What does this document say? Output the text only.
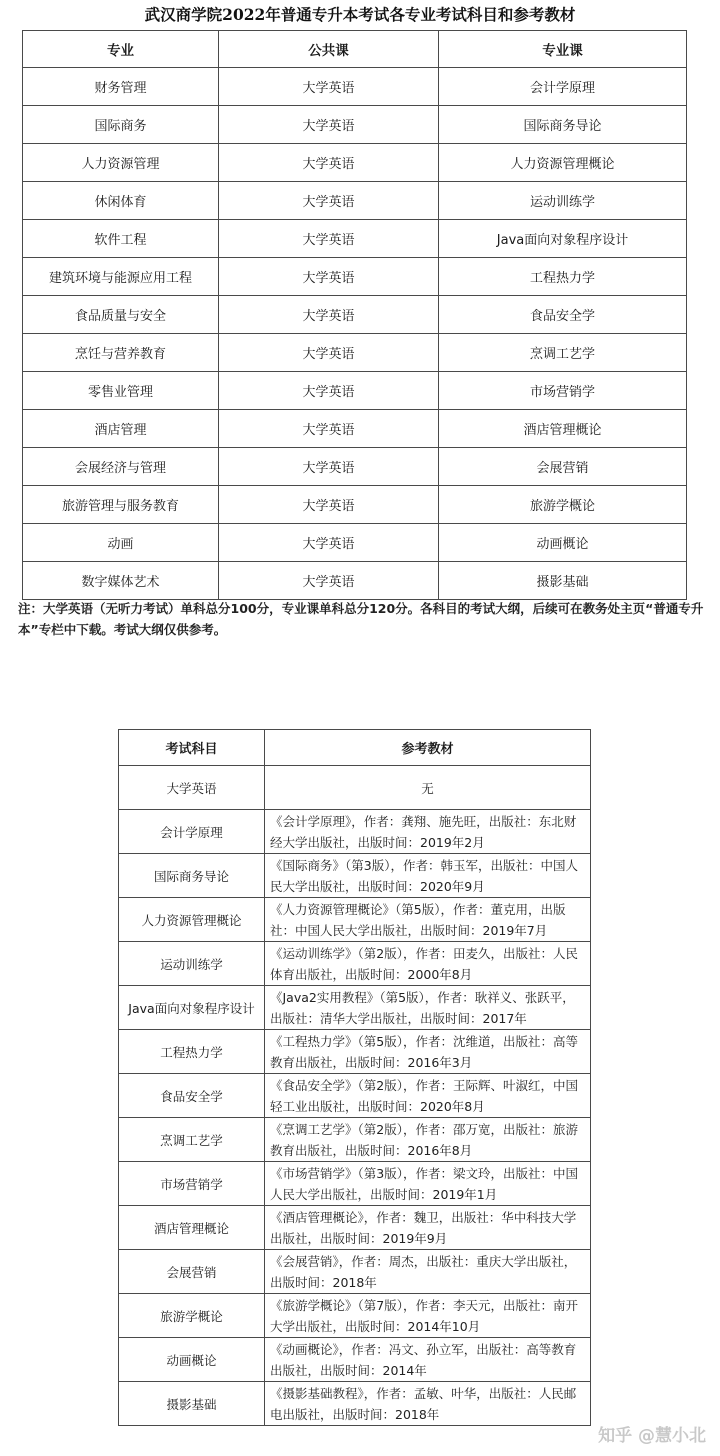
武汉商学院2022年普通专升本考试各专业考试科目和参考教材
专业	公共课	专业课
财务管理	大学英语	会计学原理
国际商务	大学英语	国际商务导论
人力资源管理	大学英语	人力资源管理概论
休闲体育	大学英语	运动训练学
软件工程	大学英语	Java面向对象程序设计
建筑环境与能源应用工程	大学英语	工程热力学
食品质量与安全	大学英语	食品安全学
烹饪与营养教育	大学英语	烹调工艺学
零售业管理	大学英语	市场营销学
酒店管理	大学英语	酒店管理概论
会展经济与管理	大学英语	会展营销
旅游管理与服务教育	大学英语	旅游学概论
动画	大学英语	动画概论
数字媒体艺术	大学英语	摄影基础
注：大学英语（无听力考试）单科总分100分，专业课单科总分120分。各科目的考试大纲，后续可在教务处主页“普通专升本”专栏中下载。考试大纲仅供参考。
考试科目	参考教材
大学英语	无
会计学原理	《会计学原理》，作者：龚翔、施先旺，出版社：东北财经大学出版社，出版时间：2019年2月
国际商务导论	《国际商务》（第3版），作者：韩玉军，出版社：中国人民大学出版社，出版时间：2020年9月
人力资源管理概论	《人力资源管理概论》（第5版），作者：董克用，出版社：中国人民大学出版社，出版时间：2019年7月
运动训练学	《运动训练学》（第2版），作者：田麦久，出版社：人民体育出版社，出版时间：2000年8月
Java面向对象程序设计	《Java2实用教程》（第5版），作者：耿祥义、张跃平，出版社：清华大学出版社，出版时间：2017年
工程热力学	《工程热力学》（第5版），作者：沈维道，出版社：高等教育出版社，出版时间：2016年3月
食品安全学	《食品安全学》（第2版），作者：王际辉、叶淑红，中国轻工业出版社，出版时间：2020年8月
烹调工艺学	《烹调工艺学》（第2版），作者：邵万宽，出版社：旅游教育出版社，出版时间：2016年8月
市场营销学	《市场营销学》（第3版），作者：梁文玲，出版社：中国人民大学出版社，出版时间：2019年1月
酒店管理概论	《酒店管理概论》，作者：魏卫，出版社：华中科技大学出版社，出版时间：2019年9月
会展营销	《会展营销》，作者：周杰，出版社：重庆大学出版社，出版时间：2018年
旅游学概论	《旅游学概论》（第7版），作者：李天元，出版社：南开大学出版社，出版时间：2014年10月
动画概论	《动画概论》，作者：冯文、孙立军，出版社：高等教育出版社，出版时间：2014年
摄影基础	《摄影基础教程》，作者：孟敏、叶华，出版社：人民邮电出版社，出版时间：2018年
知乎 @慧小北
